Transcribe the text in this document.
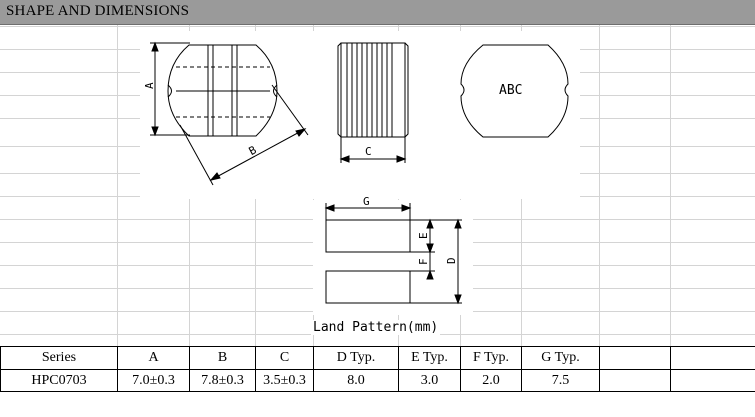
SHAPE AND DIMENSIONS
A
B	C
ABC
G
E
F D
Land Pattern(mm)
Series	A	B	C	D Typ.	E Typ.	F Typ.	G Typ.		
HPC0703	7.0±0.3	7.8±0.3	3.5±0.3	8.0	3.0	2.0	7.5		
